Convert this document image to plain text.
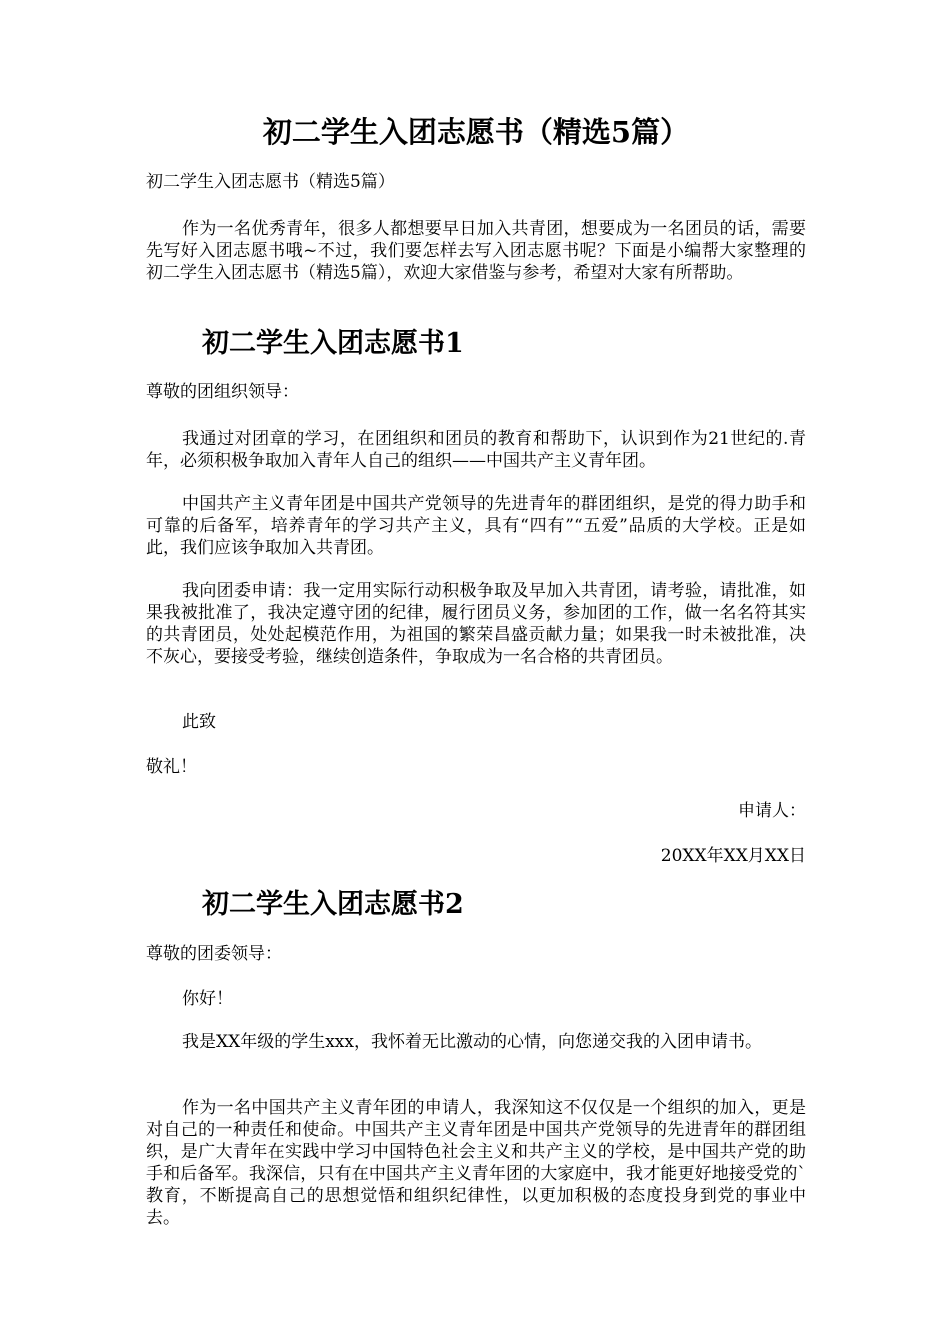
初二学生入团志愿书（精选5篇）

初二学生入团志愿书（精选5篇）

作为一名优秀青年，很多人都想要早日加入共青团，想要成为一名团员的话，需要先写好入团志愿书哦~不过，我们要怎样去写入团志愿书呢？下面是小编帮大家整理的初二学生入团志愿书（精选5篇），欢迎大家借鉴与参考，希望对大家有所帮助。

初二学生入团志愿书1

尊敬的团组织领导：

我通过对团章的学习，在团组织和团员的教育和帮助下，认识到作为21世纪的.青年，必须积极争取加入青年人自己的组织——中国共产主义青年团。

中国共产主义青年团是中国共产党领导的先进青年的群团组织，是党的得力助手和可靠的后备军，培养青年的学习共产主义，具有“四有”“五爱”品质的大学校。正是如此，我们应该争取加入共青团。

我向团委申请：我一定用实际行动积极争取及早加入共青团，请考验，请批准，如果我被批准了，我决定遵守团的纪律，履行团员义务，参加团的工作，做一名名符其实的共青团员，处处起模范作用，为祖国的繁荣昌盛贡献力量；如果我一时未被批准，决不灰心，要接受考验，继续创造条件，争取成为一名合格的共青团员。

此致

敬礼！

申请人：

20XX年XX月XX日

初二学生入团志愿书2

尊敬的团委领导：

你好！

我是XX年级的学生xxx，我怀着无比激动的心情，向您递交我的入团申请书。

作为一名中国共产主义青年团的申请人，我深知这不仅仅是一个组织的加入，更是对自己的一种责任和使命。中国共产主义青年团是中国共产党领导的先进青年的群团组织，是广大青年在实践中学习中国特色社会主义和共产主义的学校，是中国共产党的助手和后备军。我深信，只有在中国共产主义青年团的大家庭中，我才能更好地接受党的`教育，不断提高自己的思想觉悟和组织纪律性，以更加积极的态度投身到党的事业中去。
